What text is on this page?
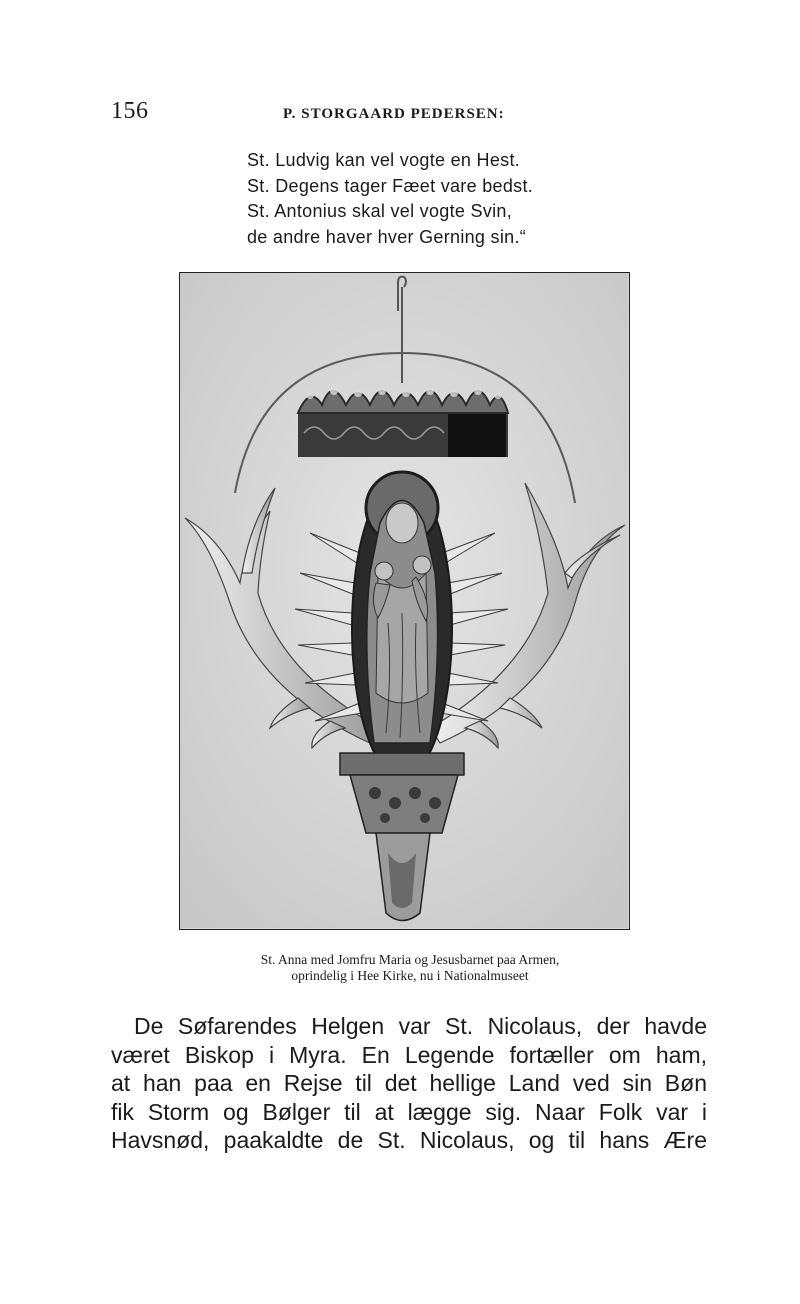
156	P. STORGAARD PEDERSEN:
St. Ludvig kan vel vogte en Hest.
St. Degens tager Fæet vare bedst.
St. Antonius skal vel vogte Svin,
de andre haver hver Gerning sin.“
St. Anna med Jomfru Maria og Jesusbarnet paa Armen,
oprindelig i Hee Kirke, nu i Nationalmuseet
De Søfarendes Helgen var St. Nicolaus, der havde
været Biskop i Myra. En Legende fortæller om ham,
at han paa en Rejse til det hellige Land ved sin Bøn
fik Storm og Bølger til at lægge sig. Naar Folk var i
Havsnød, paakaldte de St. Nicolaus, og til hans Ære
